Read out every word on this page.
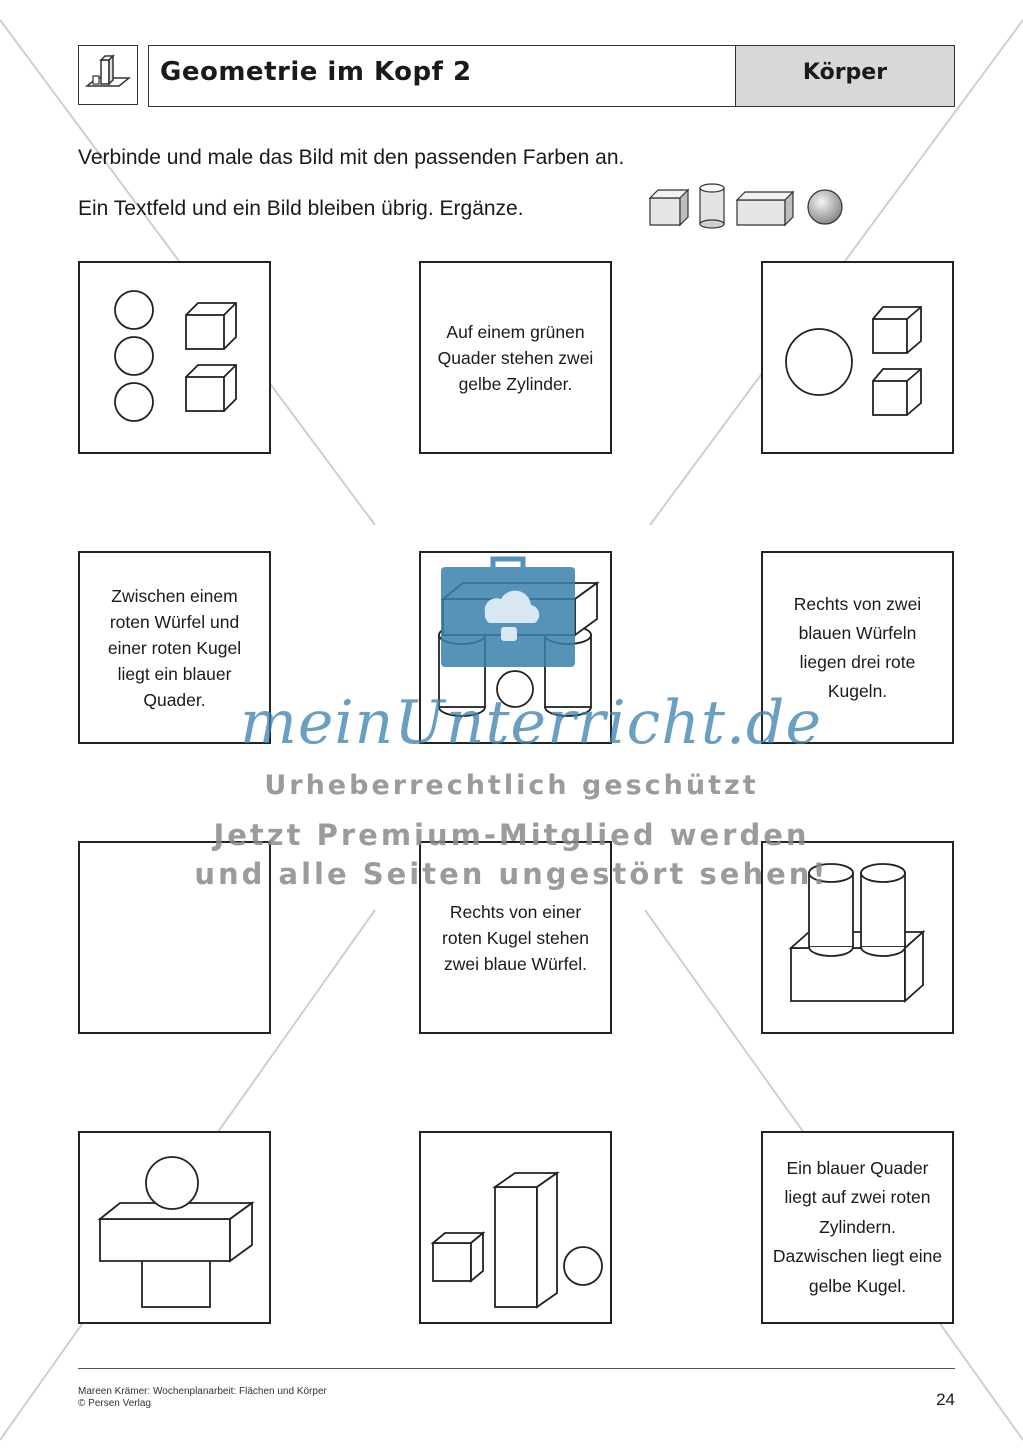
Geometrie im Kopf 2	Körper
Verbinde und male das Bild mit den passenden Farben an.
Ein Textfeld und ein Bild bleiben übrig. Ergänze.
Auf einem grünen Quader stehen zwei gelbe Zylinder.
Zwischen einem roten Würfel und einer roten Kugel liegt ein blauer Quader.
Rechts von zwei blauen Würfeln liegen drei rote Kugeln.
Rechts von einer roten Kugel stehen zwei blaue Würfel.
Ein blauer Quader liegt auf zwei roten Zylindern. Dazwischen liegt eine gelbe Kugel.
meinUnterricht.de
Urheberrechtlich geschützt
Jetzt Premium-Mitglied werden
und alle Seiten ungestört sehen!
Mareen Krämer: Wochenplanarbeit: Flächen und Körper
© Persen Verlag	24
